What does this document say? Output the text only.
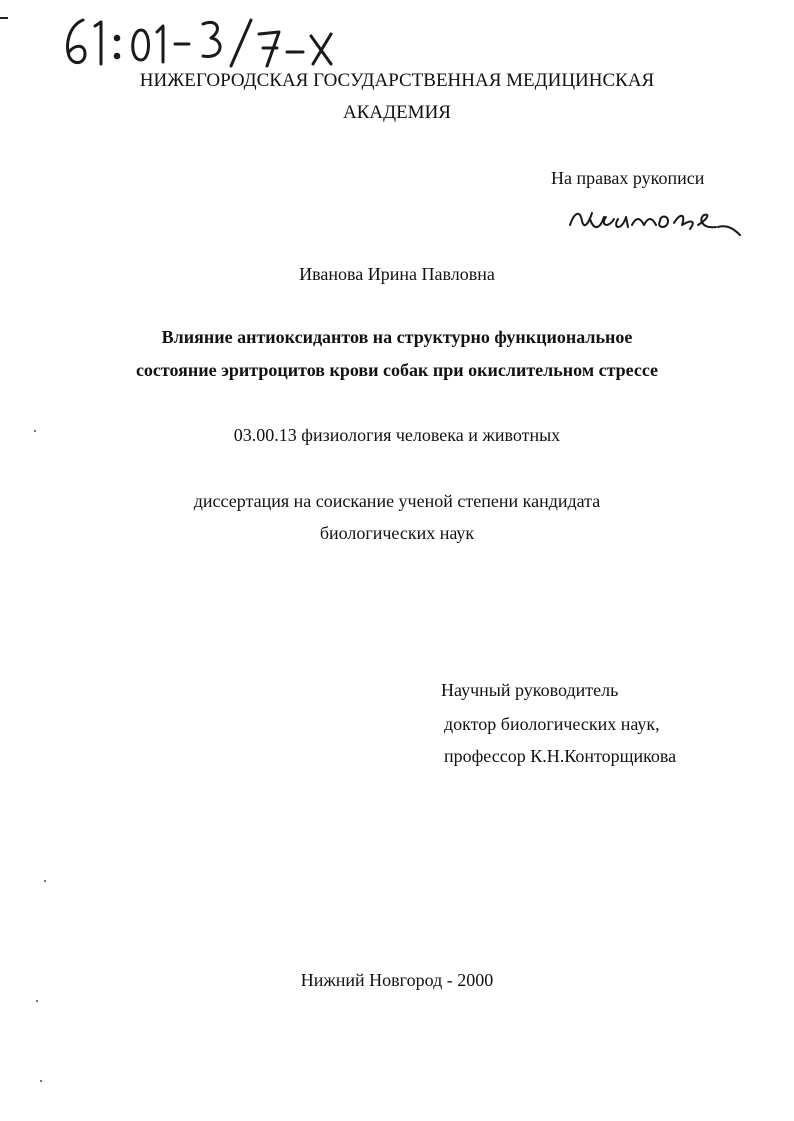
НИЖЕГОРОДСКАЯ ГОСУДАРСТВЕННАЯ МЕДИЦИНСКАЯ
АКАДЕМИЯ
На правах рукописи
Иванова Ирина Павловна
Влияние антиоксидантов на структурно функциональное
состояние эритроцитов крови собак при окислительном стрессе
03.00.13 физиология человека и животных
диссертация на соискание ученой степени кандидата
биологических наук
Научный руководитель
доктор биологических наук,
профессор К.Н.Конторщикова
Нижний Новгород - 2000
